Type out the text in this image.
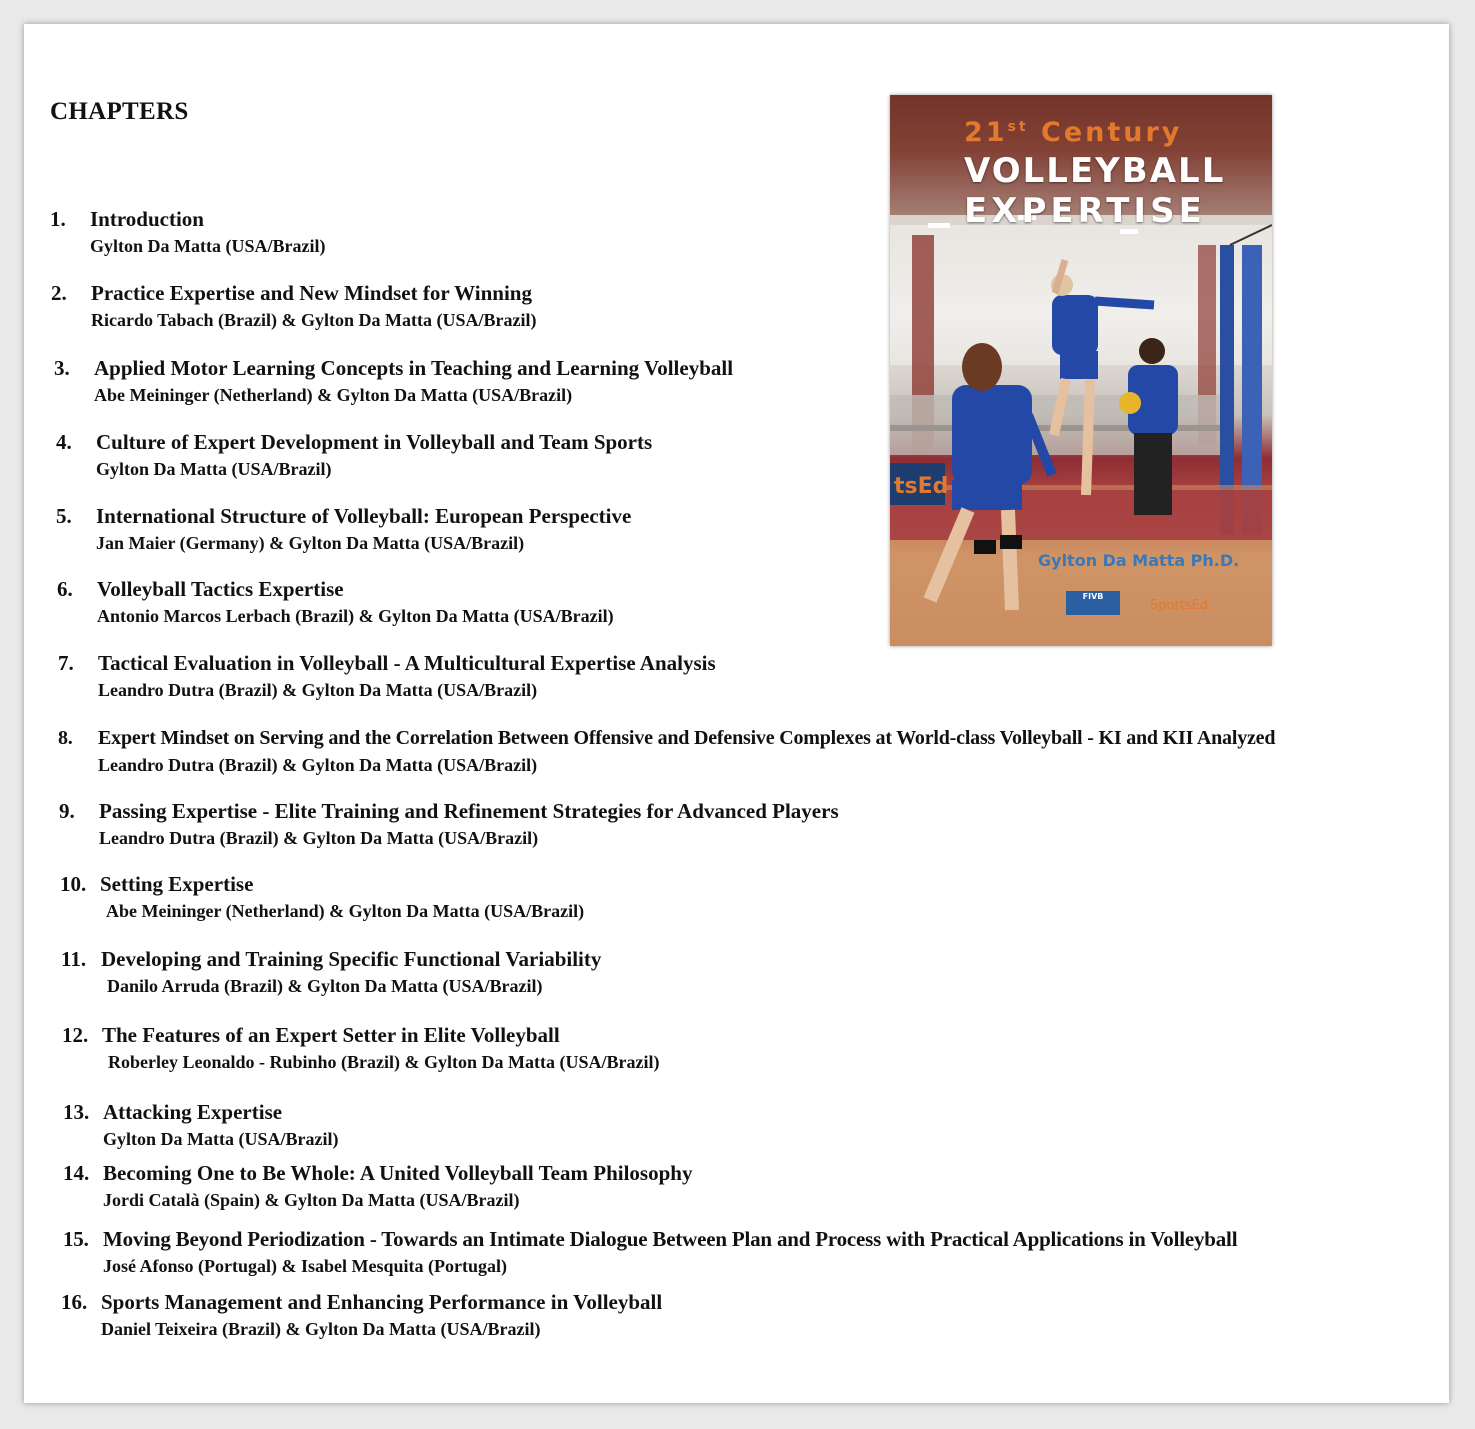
CHAPTERS
1. Introduction
Gylton Da Matta (USA/Brazil)
2. Practice Expertise and New Mindset for Winning
Ricardo Tabach (Brazil) & Gylton Da Matta (USA/Brazil)
3. Applied Motor Learning Concepts in Teaching and Learning Volleyball
Abe Meininger (Netherland) & Gylton Da Matta (USA/Brazil)
4. Culture of Expert Development in Volleyball and Team Sports
Gylton Da Matta (USA/Brazil)
5. International Structure of Volleyball: European Perspective
Jan Maier (Germany) & Gylton Da Matta (USA/Brazil)
6. Volleyball Tactics Expertise
Antonio Marcos Lerbach (Brazil) & Gylton Da Matta (USA/Brazil)
7. Tactical Evaluation in Volleyball - A Multicultural Expertise Analysis
Leandro Dutra (Brazil) & Gylton Da Matta (USA/Brazil)
8. Expert Mindset on Serving and the Correlation Between Offensive and Defensive Complexes at World-class Volleyball - KI and KII Analyzed
Leandro Dutra (Brazil) & Gylton Da Matta (USA/Brazil)
9. Passing Expertise - Elite Training and Refinement Strategies for Advanced Players
Leandro Dutra (Brazil) & Gylton Da Matta (USA/Brazil)
10. Setting Expertise
Abe Meininger (Netherland) & Gylton Da Matta (USA/Brazil)
11. Developing and Training Specific Functional Variability
Danilo Arruda (Brazil) & Gylton Da Matta (USA/Brazil)
12. The Features of an Expert Setter in Elite Volleyball
Roberley Leonaldo - Rubinho (Brazil) & Gylton Da Matta (USA/Brazil)
13. Attacking Expertise
Gylton Da Matta (USA/Brazil)
14. Becoming One to Be Whole: A United Volleyball Team Philosophy
Jordi Català (Spain) & Gylton Da Matta (USA/Brazil)
15. Moving Beyond Periodization - Towards an Intimate Dialogue Between Plan and Process with Practical Applications in Volleyball
José Afonso (Portugal) & Isabel Mesquita (Portugal)
16. Sports Management and Enhancing Performance in Volleyball
Daniel Teixeira (Brazil) & Gylton Da Matta (USA/Brazil)
tsEd
21st Century
VOLLEYBALL
EXPERTISE
Gylton Da Matta Ph.D.
FIVB
SportsEd
